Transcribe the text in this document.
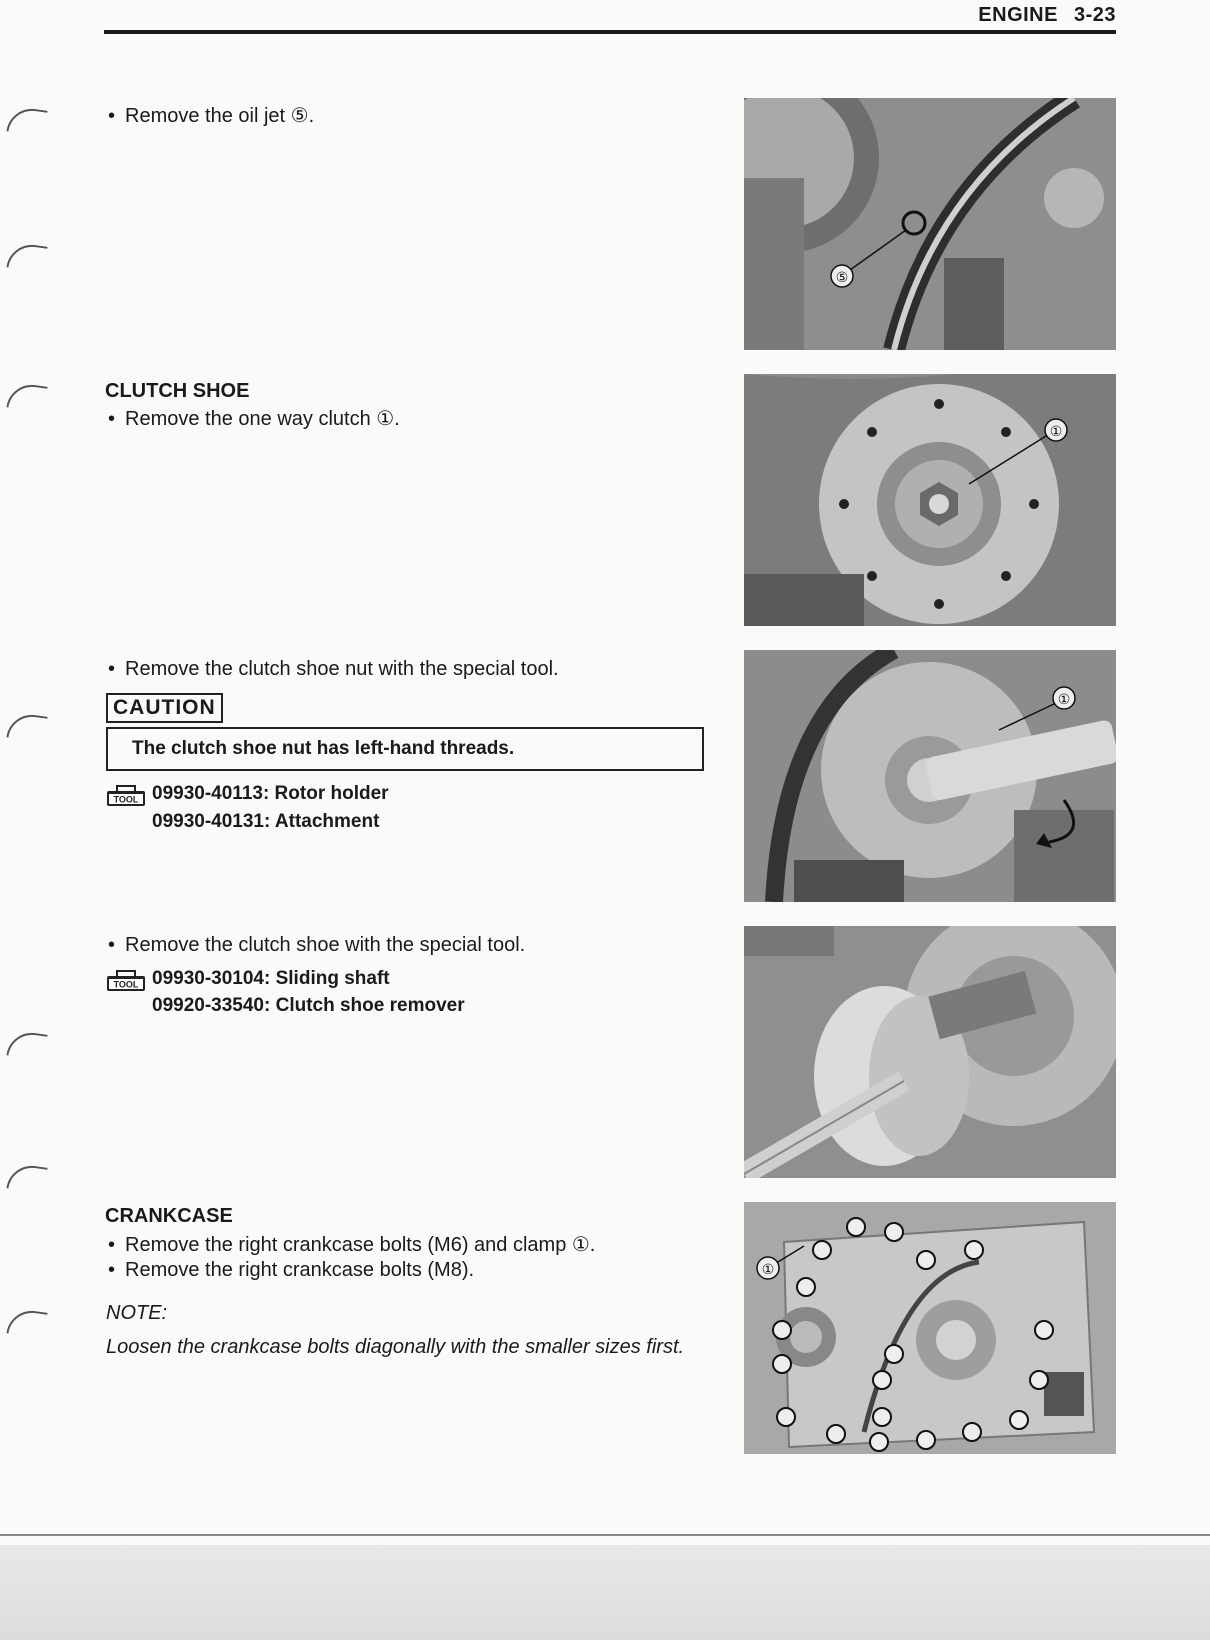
ENGINE 3-23
• Remove the oil jet ⑤.
CLUTCH SHOE
• Remove the one way clutch ①.
• Remove the clutch shoe nut with the special tool.
CAUTION
The clutch shoe nut has left-hand threads.
TOOL 09930-40113: Rotor holder
09930-40131: Attachment
• Remove the clutch shoe with the special tool.
TOOL 09930-30104: Sliding shaft
09920-33540: Clutch shoe remover
CRANKCASE
• Remove the right crankcase bolts (M6) and clamp ①.
• Remove the right crankcase bolts (M8).
NOTE:
Loosen the crankcase bolts diagonally with the smaller sizes first.
⑤
①
①
①
